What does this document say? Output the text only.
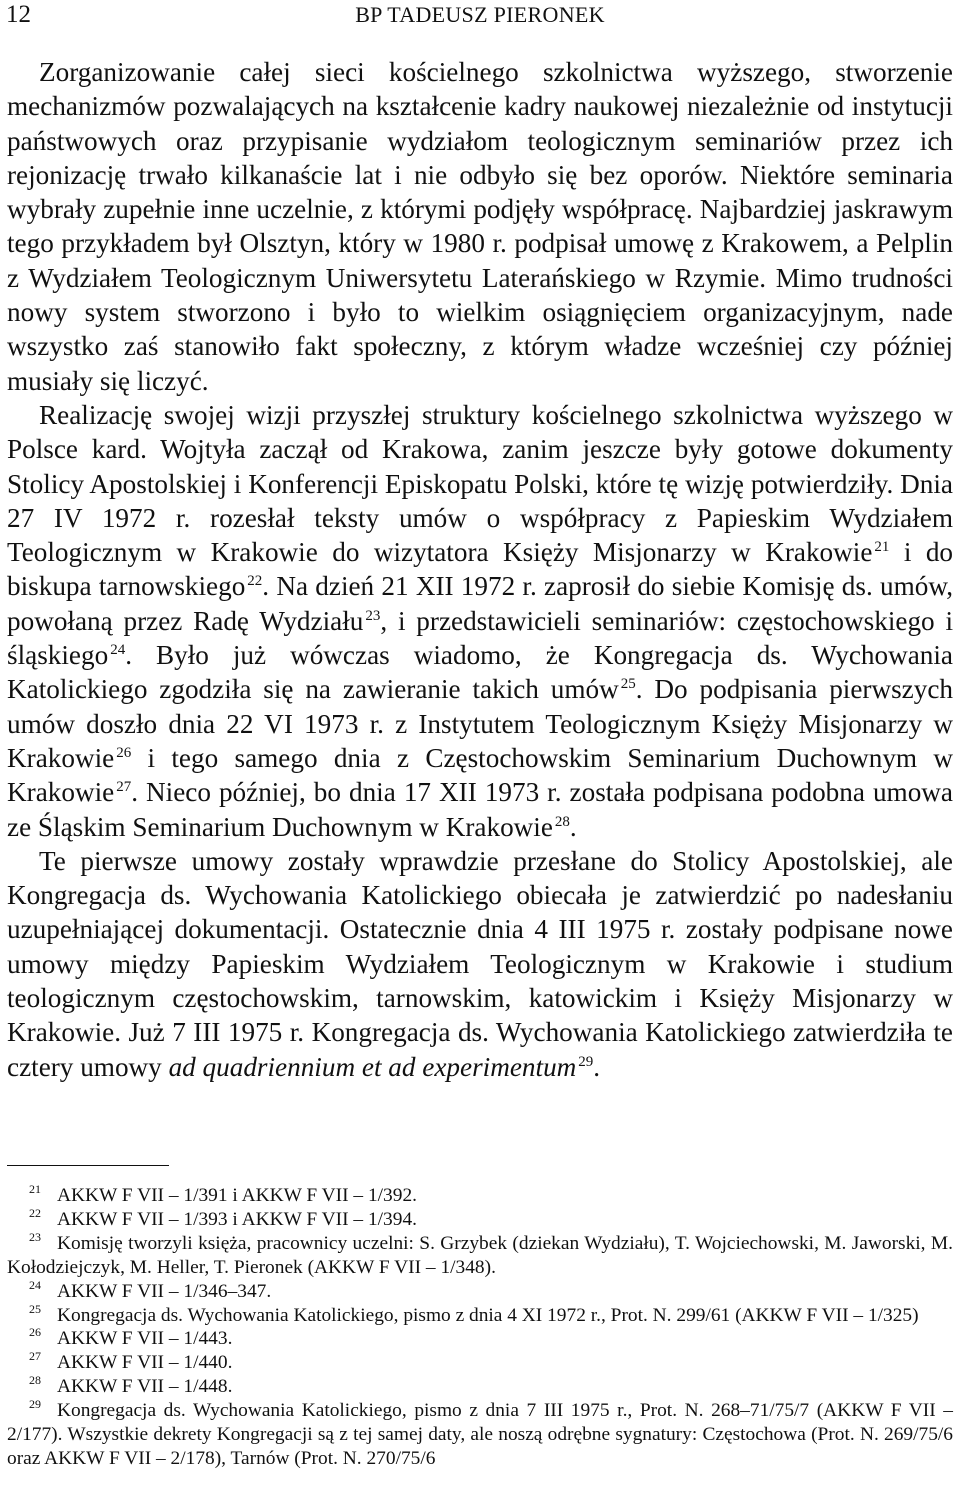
12	BP TADEUSZ PIERONEK

Zorganizowanie całej sieci kościelnego szkolnictwa wyższego, stworzenie mechanizmów pozwalających na kształcenie kadry naukowej niezależnie od instytucji państwowych oraz przypisanie wydziałom teologicznym seminariów przez ich rejonizację trwało kilkanaście lat i nie odbyło się bez oporów. Niektóre seminaria wybrały zupełnie inne uczelnie, z którymi podjęły współpracę. Najbardziej jaskrawym tego przykładem był Olsztyn, który w 1980 r. podpisał umowę z Krakowem, a Pelplin z Wydziałem Teologicznym Uniwersytetu Laterańskiego w Rzymie. Mimo trudności nowy system stworzono i było to wielkim osiągnięciem organizacyjnym, nade wszystko zaś stanowiło fakt społeczny, z którym władze wcześniej czy później musiały się liczyć.

Realizację swojej wizji przyszłej struktury kościelnego szkolnictwa wyższego w Polsce kard. Wojtyła zaczął od Krakowa, zanim jeszcze były gotowe dokumenty Stolicy Apostolskiej i Konferencji Episkopatu Polski, które tę wizję potwierdziły. Dnia 27 IV 1972 r. rozesłał teksty umów o współpracy z Papieskim Wydziałem Teologicznym w Krakowie do wizytatora Księży Misjonarzy w Krakowie $^{21}$ i do biskupa tarnowskiego $^{22}$. Na dzień 21 XII 1972 r. zaprosił do siebie Komisję ds. umów, powołaną przez Radę Wydziału $^{23}$, i przedstawicieli seminariów: częstochowskiego i śląskiego $^{24}$. Było już wówczas wiadomo, że Kongregacja ds. Wychowania Katolickiego zgodziła się na zawieranie takich umów $^{25}$. Do podpisania pierwszych umów doszło dnia 22 VI 1973 r. z Instytutem Teologicznym Księży Misjonarzy w Krakowie $^{26}$ i tego samego dnia z Częstochowskim Seminarium Duchownym w Krakowie $^{27}$. Nieco później, bo dnia 17 XII 1973 r. została podpisana podobna umowa ze Śląskim Seminarium Duchownym w Krakowie $^{28}$.

Te pierwsze umowy zostały wprawdzie przesłane do Stolicy Apostolskiej, ale Kongregacja ds. Wychowania Katolickiego obiecała je zatwierdzić po nadesłaniu uzupełniającej dokumentacji. Ostatecznie dnia 4 III 1975 r. zostały podpisane nowe umowy między Papieskim Wydziałem Teologicznym w Krakowie i studium teologicznym częstochowskim, tarnowskim, katowickim i Księży Misjonarzy w Krakowie. Już 7 III 1975 r. Kongregacja ds. Wychowania Katolickiego zatwierdziła te cztery umowy ad quadriennium et ad experimentum $^{29}$.

21 AKKW F VII – 1/391 i AKKW F VII – 1/392.

22 AKKW F VII – 1/393 i AKKW F VII – 1/394.

23 Komisję tworzyli księża, pracownicy uczelni: S. Grzybek (dziekan Wydziału), T. Wojciechowski, M. Jaworski, M. Kołodziejczyk, M. Heller, T. Pieronek (AKKW F VII – 1/348).

24 AKKW F VII – 1/346–347.

25 Kongregacja ds. Wychowania Katolickiego, pismo z dnia 4 XI 1972 r., Prot. N. 299/61 (AKKW F VII – 1/325)

26 AKKW F VII – 1/443.

27 AKKW F VII – 1/440.

28 AKKW F VII – 1/448.

29 Kongregacja ds. Wychowania Katolickiego, pismo z dnia 7 III 1975 r., Prot. N. 268–71/75/7 (AKKW F VII – 2/177). Wszystkie dekrety Kongregacji są z tej samej daty, ale noszą odrębne sygnatury: Częstochowa (Prot. N. 269/75/6 oraz AKKW F VII – 2/178), Tarnów (Prot. N. 270/75/6
